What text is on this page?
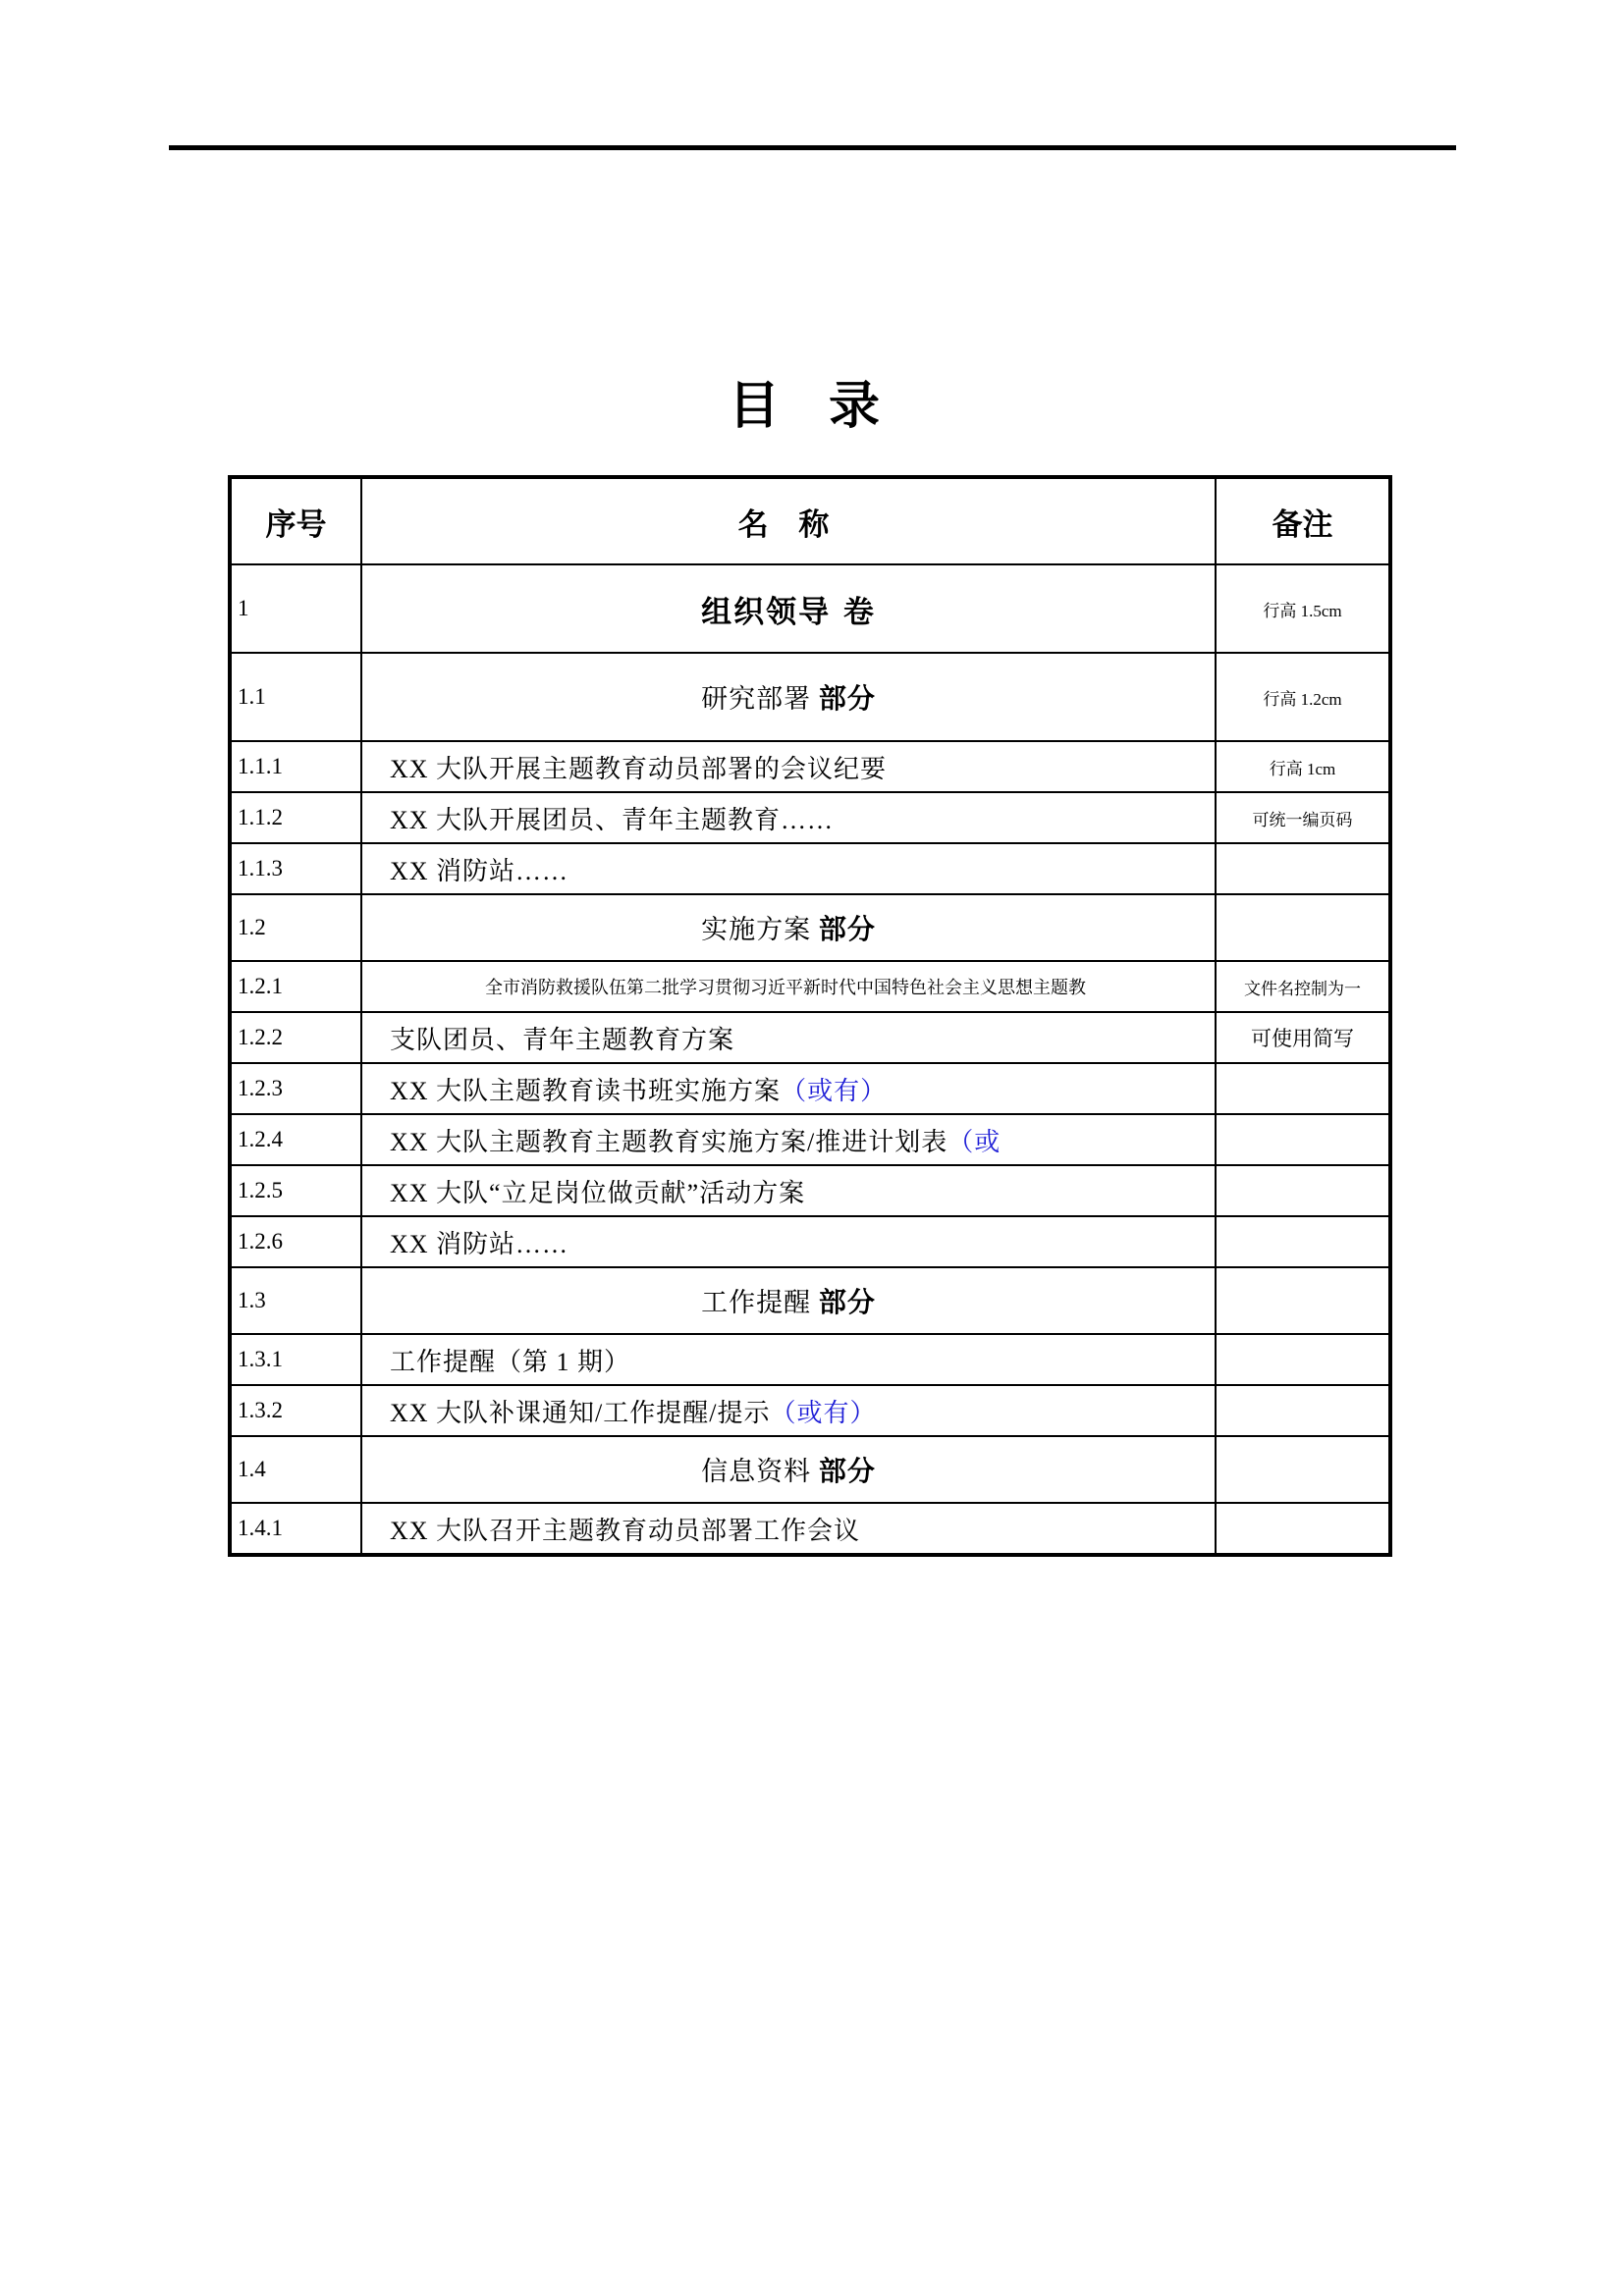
目 录
序号	名 称	备注
1	组织领导 卷	行高 1.5cm
1.1	研究部署 部分	行高 1.2cm
1.1.1	XX 大队开展主题教育动员部署的会议纪要	行高 1cm
1.1.2	XX 大队开展团员、青年主题教育……	可统一编页码
1.1.3	XX 消防站……	
1.2	实施方案 部分	
1.2.1	全市消防救援队伍第二批学习贯彻习近平新时代中国特色社会主义思想主题教	文件名控制为一
1.2.2	支队团员、青年主题教育方案	可使用简写
1.2.3	XX 大队主题教育读书班实施方案（或有）	
1.2.4	XX 大队主题教育主题教育实施方案/推进计划表（或	
1.2.5	XX 大队“立足岗位做贡献”活动方案	
1.2.6	XX 消防站……	
1.3	工作提醒 部分	
1.3.1	工作提醒（第 1 期）	
1.3.2	XX 大队补课通知/工作提醒/提示（或有）	
1.4	信息资料 部分	
1.4.1	XX 大队召开主题教育动员部署工作会议	
